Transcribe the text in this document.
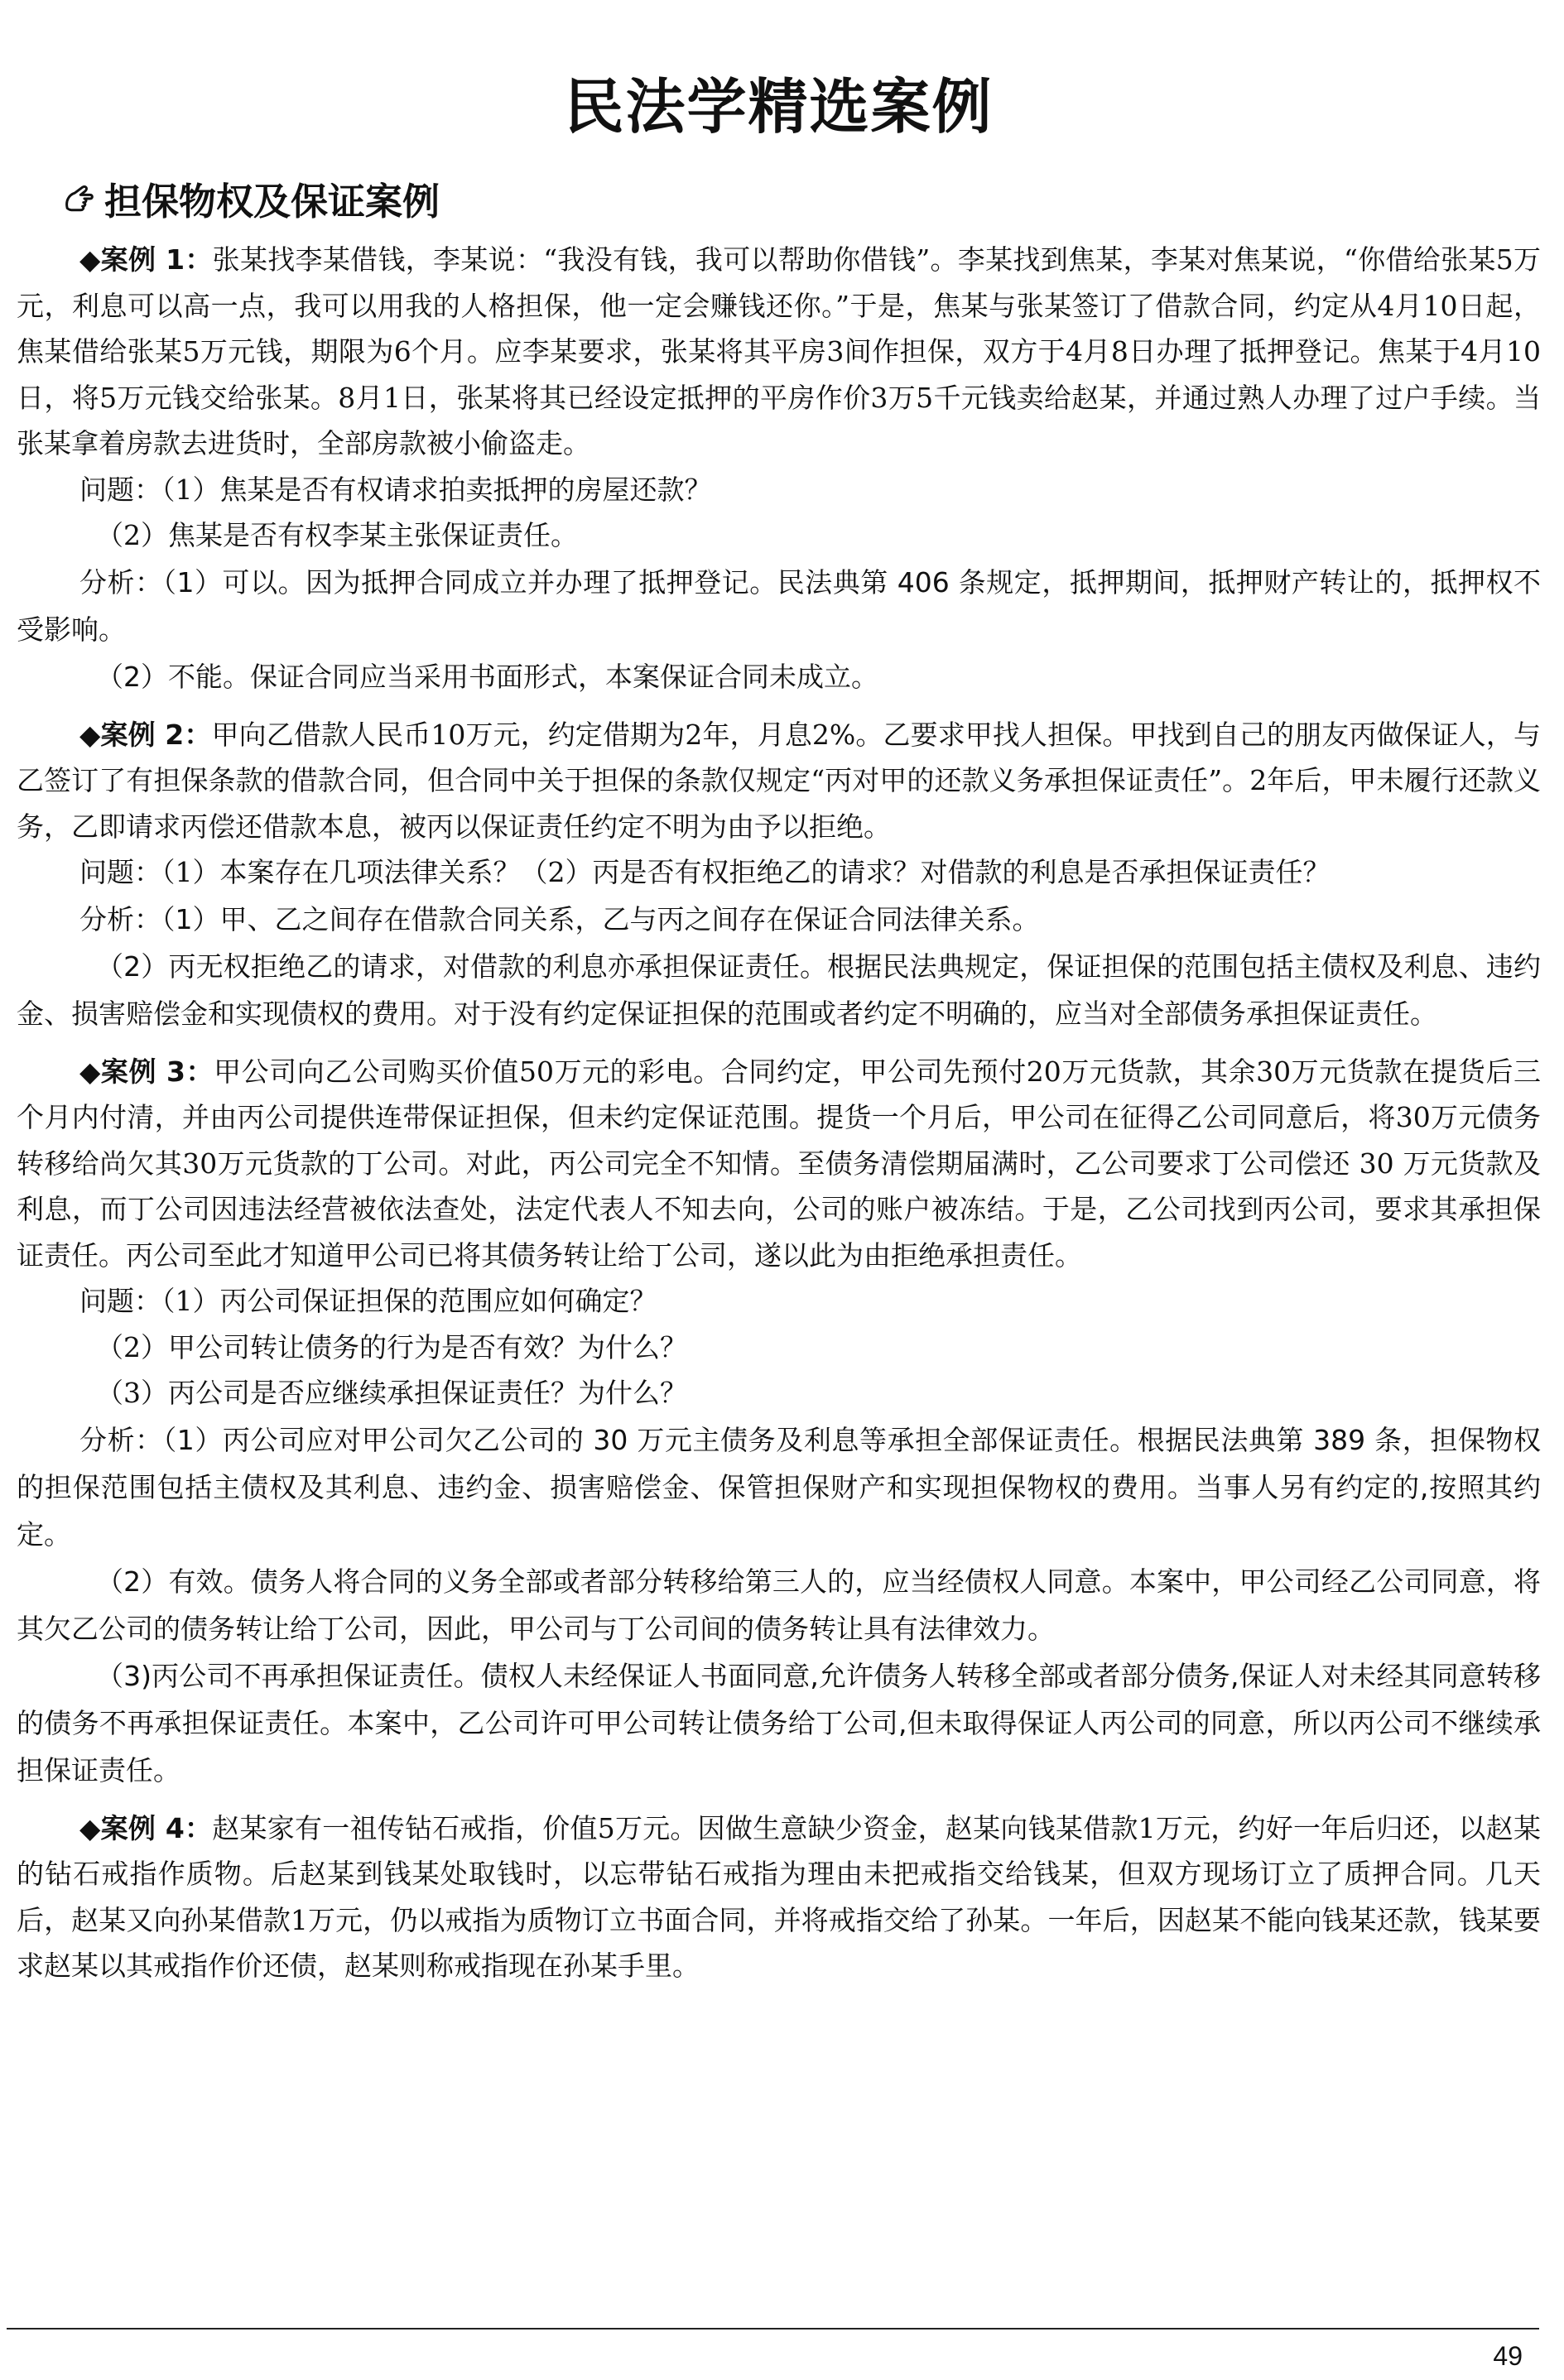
民法学精选案例
担保物权及保证案例

◆案例 1：张某找李某借钱，李某说：“我没有钱，我可以帮助你借钱”。李某找到焦某，李某对焦某说，“你借给张某5万元，利息可以高一点，我可以用我的人格担保，他一定会赚钱还你。”于是，焦某与张某签订了借款合同，约定从4月10日起，焦某借给张某5万元钱，期限为6个月。应李某要求，张某将其平房3间作担保，双方于4月8日办理了抵押登记。焦某于4月10日，将5万元钱交给张某。8月1日，张某将其已经设定抵押的平房作价3万5千元钱卖给赵某，并通过熟人办理了过户手续。当张某拿着房款去进货时，全部房款被小偷盗走。

问题：（1）焦某是否有权请求拍卖抵押的房屋还款？

（2）焦某是否有权李某主张保证责任。

分析：（1）可以。因为抵押合同成立并办理了抵押登记。民法典第 406 条规定，抵押期间，抵押财产转让的，抵押权不受影响。

（2）不能。保证合同应当采用书面形式，本案保证合同未成立。

◆案例 2：甲向乙借款人民币10万元，约定借期为2年，月息2%。乙要求甲找人担保。甲找到自己的朋友丙做保证人，与乙签订了有担保条款的借款合同，但合同中关于担保的条款仅规定“丙对甲的还款义务承担保证责任”。2年后，甲未履行还款义务，乙即请求丙偿还借款本息，被丙以保证责任约定不明为由予以拒绝。

问题：（1）本案存在几项法律关系？（2）丙是否有权拒绝乙的请求？对借款的利息是否承担保证责任？

分析：（1）甲、乙之间存在借款合同关系，乙与丙之间存在保证合同法律关系。

（2）丙无权拒绝乙的请求，对借款的利息亦承担保证责任。根据民法典规定，保证担保的范围包括主债权及利息、违约金、损害赔偿金和实现债权的费用。对于没有约定保证担保的范围或者约定不明确的，应当对全部债务承担保证责任。

◆案例 3：甲公司向乙公司购买价值50万元的彩电。合同约定，甲公司先预付20万元货款，其余30万元货款在提货后三个月内付清，并由丙公司提供连带保证担保，但未约定保证范围。提货一个月后，甲公司在征得乙公司同意后，将30万元债务转移给尚欠其30万元货款的丁公司。对此，丙公司完全不知情。至债务清偿期届满时，乙公司要求丁公司偿还 30 万元货款及利息，而丁公司因违法经营被依法查处，法定代表人不知去向，公司的账户被冻结。于是，乙公司找到丙公司，要求其承担保证责任。丙公司至此才知道甲公司已将其债务转让给丁公司，遂以此为由拒绝承担责任。

问题：（1）丙公司保证担保的范围应如何确定？

（2）甲公司转让债务的行为是否有效？为什么？

（3）丙公司是否应继续承担保证责任？为什么？

分析：（1）丙公司应对甲公司欠乙公司的 30 万元主债务及利息等承担全部保证责任。根据民法典第 389 条，担保物权的担保范围包括主债权及其利息、违约金、损害赔偿金、保管担保财产和实现担保物权的费用。当事人另有约定的,按照其约定。

（2）有效。债务人将合同的义务全部或者部分转移给第三人的，应当经债权人同意。本案中，甲公司经乙公司同意，将其欠乙公司的债务转让给丁公司，因此，甲公司与丁公司间的债务转让具有法律效力。

（3)丙公司不再承担保证责任。债权人未经保证人书面同意,允许债务人转移全部或者部分债务,保证人对未经其同意转移的债务不再承担保证责任。本案中，乙公司许可甲公司转让债务给丁公司,但未取得保证人丙公司的同意，所以丙公司不继续承担保证责任。

◆案例 4：赵某家有一祖传钻石戒指，价值5万元。因做生意缺少资金，赵某向钱某借款1万元，约好一年后归还，以赵某的钻石戒指作质物。后赵某到钱某处取钱时，以忘带钻石戒指为理由未把戒指交给钱某，但双方现场订立了质押合同。几天后，赵某又向孙某借款1万元，仍以戒指为质物订立书面合同，并将戒指交给了孙某。一年后，因赵某不能向钱某还款，钱某要求赵某以其戒指作价还债，赵某则称戒指现在孙某手里。

49
